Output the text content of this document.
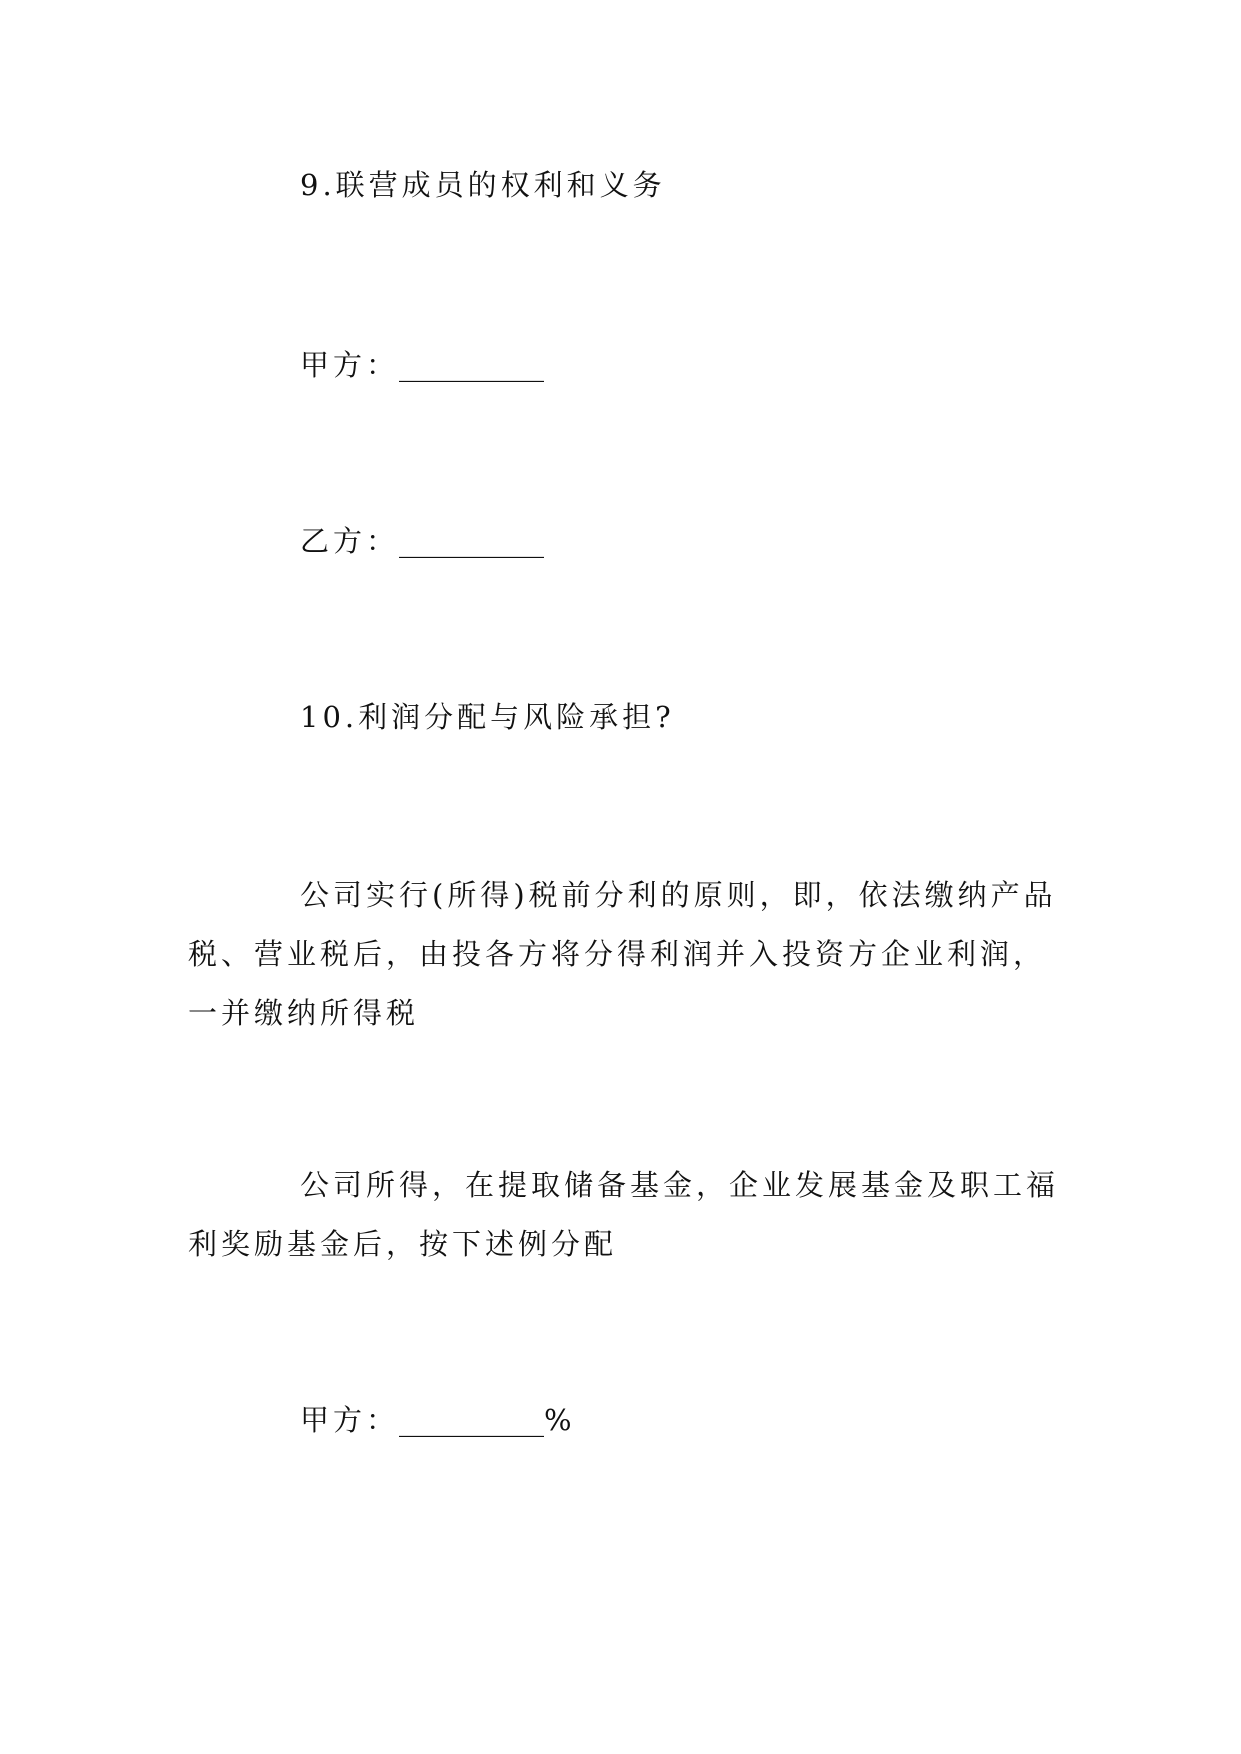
9.联营成员的权利和义务

甲方：__________

乙方：__________

10.利润分配与风险承担?

公司实行(所得)税前分利的原则，即，依法缴纳产品税、营业税后，由投各方将分得利润并入投资方企业利润，一并缴纳所得税

公司所得，在提取储备基金，企业发展基金及职工福利奖励基金后，按下述例分配

甲方：__________%
